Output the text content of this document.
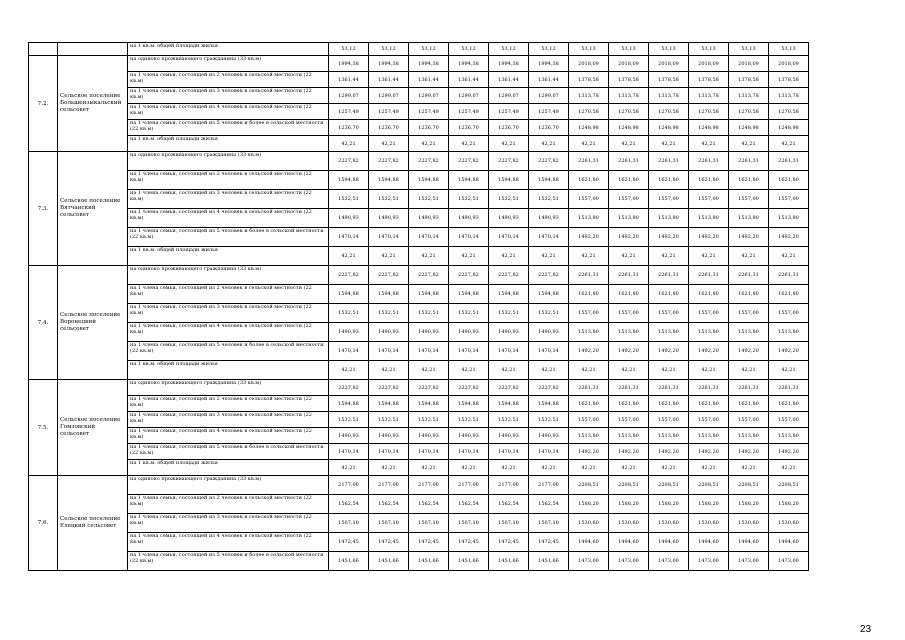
		на 1 кв.м. общей площади жилья	53,12	53,12	53,12	53,12	53,12	53,12	53,13	53,13	53,13	53,13	53,13	53,13
7.2.	Сельское поселение Большеизыкальский сельсовет	на одиноко проживающего гражданина (33 кв.м)	1994,38	1994,38	1994,38	1994,38	1994,38	1994,38	2018,09	2018,09	2018,09	2018,09	2018,09	2018,09
		на 1 члена семьи, состоящей из 2 человек в сельской местности (22 кв.м)	1361,44	1361,44	1361,44	1361,44	1361,44	1361,44	1378,58	1378,58	1378,58	1378,58	1378,58	1378,58
		на 1 члена семьи, состоящей из 3 человек в сельской местности (22 кв.м)	1299,07	1299,07	1299,07	1299,07	1299,07	1299,07	1313,78	1313,78	1313,78	1313,78	1313,78	1313,78
		на 1 члена семьи, состоящей из 4 человек в сельской местности (22 кв.м)	1257,49	1257,49	1257,49	1257,49	1257,49	1257,49	1270,58	1270,58	1270,58	1270,58	1270,58	1270,58
		на 1 члена семьи, состоящей из 5 человек и более в сельской местности (22 кв.м)	1236,70	1236,70	1236,70	1236,70	1236,70	1236,70	1248,98	1248,98	1248,98	1248,98	1248,98	1248,98
		на 1 кв.м. общей площади жилья	42,21	42,21	42,21	42,21	42,21	42,21	42,21	42,21	42,21	42,21	42,21	42,21
7.3.	Сельское поселение Вятчанский сельсовет	на одиноко проживающего гражданина (33 кв.м)	2227,82	2227,82	2227,82	2227,82	2227,82	2227,82	2261,31	2261,31	2261,31	2261,31	2261,31	2261,31
		на 1 члена семьи, состоящей из 2 человек в сельской местности (22 кв.м)	1594,88	1594,88	1594,88	1594,88	1594,88	1594,88	1621,80	1621,80	1621,80	1621,80	1621,80	1621,80
		на 1 члена семьи, состоящей из 3 человек в сельской местности (22 кв.м)	1532,51	1532,51	1532,51	1532,51	1532,51	1532,51	1557,00	1557,00	1557,00	1557,00	1557,00	1557,00
		на 1 члена семьи, состоящей из 4 человек в сельской местности (22 кв.м)	1490,93	1490,93	1490,93	1490,93	1490,93	1490,93	1513,80	1513,80	1513,80	1513,80	1513,80	1513,80
		на 1 члена семьи, состоящей из 5 человек и более в сельской местности (22 кв.м)	1470,14	1470,14	1470,14	1470,14	1470,14	1470,14	1492,20	1492,20	1492,20	1492,20	1492,20	1492,20
		на 1 кв.м. общей площади жилья	42,21	42,21	42,21	42,21	42,21	42,21	42,21	42,21	42,21	42,21	42,21	42,21
7.4.	Сельское поселение Воронецкий сельсовет	на одиноко проживающего гражданина (33 кв.м)	2227,82	2227,82	2227,82	2227,82	2227,82	2227,82	2261,31	2261,31	2261,31	2261,31	2261,31	2261,31
		на 1 члена семьи, состоящей из 2 человек в сельской местности (22 кв.м)	1594,88	1594,88	1594,88	1594,88	1594,88	1594,88	1621,80	1621,80	1621,80	1621,80	1621,80	1621,80
		на 1 члена семьи, состоящей из 3 человек в сельской местности (22 кв.м)	1532,51	1532,51	1532,51	1532,51	1532,51	1532,51	1557,00	1557,00	1557,00	1557,00	1557,00	1557,00
		на 1 члена семьи, состоящей из 4 человек в сельской местности (22 кв.м)	1490,93	1490,93	1490,93	1490,93	1490,93	1490,93	1513,80	1513,80	1513,80	1513,80	1513,80	1513,80
		на 1 члена семьи, состоящей из 5 человек и более в сельской местности (22 кв.м)	1470,14	1470,14	1470,14	1470,14	1470,14	1470,14	1492,20	1492,20	1492,20	1492,20	1492,20	1492,20
		на 1 кв.м. общей площади жилья	42,21	42,21	42,21	42,21	42,21	42,21	42,21	42,21	42,21	42,21	42,21	42,21
7.5.	Сельское поселение Гомзовский сельсовет	на одиноко проживающего гражданина (33 кв.м)	2227,82	2227,82	2227,82	2227,82	2227,82	2227,82	2261,31	2261,31	2261,31	2261,31	2261,31	2261,31
		на 1 члена семьи, состоящей из 2 человек в сельской местности (22 кв.м)	1594,88	1594,88	1594,88	1594,88	1594,88	1594,88	1621,80	1621,80	1621,80	1621,80	1621,80	1621,80
		на 1 члена семьи, состоящей из 3 человек в сельской местности (22 кв.м)	1532,51	1532,51	1532,51	1532,51	1532,51	1532,51	1557,00	1557,00	1557,00	1557,00	1557,00	1557,00
		на 1 члена семьи, состоящей из 4 человек в сельской местности (22 кв.м)	1490,93	1490,93	1490,93	1490,93	1490,93	1490,93	1513,80	1513,80	1513,80	1513,80	1513,80	1513,80
		на 1 члена семьи, состоящей из 5 человек и более в сельской местности (22 кв.м)	1470,14	1470,14	1470,14	1470,14	1470,14	1470,14	1492,20	1492,20	1492,20	1492,20	1492,20	1492,20
		на 1 кв.м. общей площади жилья	42,21	42,21	42,21	42,21	42,21	42,21	42,21	42,21	42,21	42,21	42,21	42,21
7.6.	Сельское поселение Елецкий сельсовет	на одиноко проживающего гражданина (33 кв.м)	2177,00	2177,00	2177,00	2177,00	2177,00	2177,00	2208,51	2208,51	2208,51	2208,51	2208,51	2208,51
		на 1 члена семьи, состоящей из 2 человек в сельской местности (22 кв.м)	1562,54	1562,54	1562,54	1562,54	1562,54	1562,54	1588,20	1588,20	1588,20	1588,20	1588,20	1588,20
		на 1 члена семьи, состоящей из 3 человек в сельской местности (22 кв.м)	1507,10	1507,10	1507,10	1507,10	1507,10	1507,10	1530,60	1530,60	1530,60	1530,60	1530,60	1530,60
		на 1 члена семьи, состоящей из 4 человек в сельской местности (22 кв.м)	1472,45	1472,45	1472,45	1472,45	1472,45	1472,45	1494,60	1494,60	1494,60	1494,60	1494,60	1494,60
		на 1 члена семьи, состоящей из 5 человек и более в сельской местности (22 кв.м)	1451,66	1451,66	1451,66	1451,66	1451,66	1451,66	1473,00	1473,00	1473,00	1473,00	1473,00	1473,00
23
